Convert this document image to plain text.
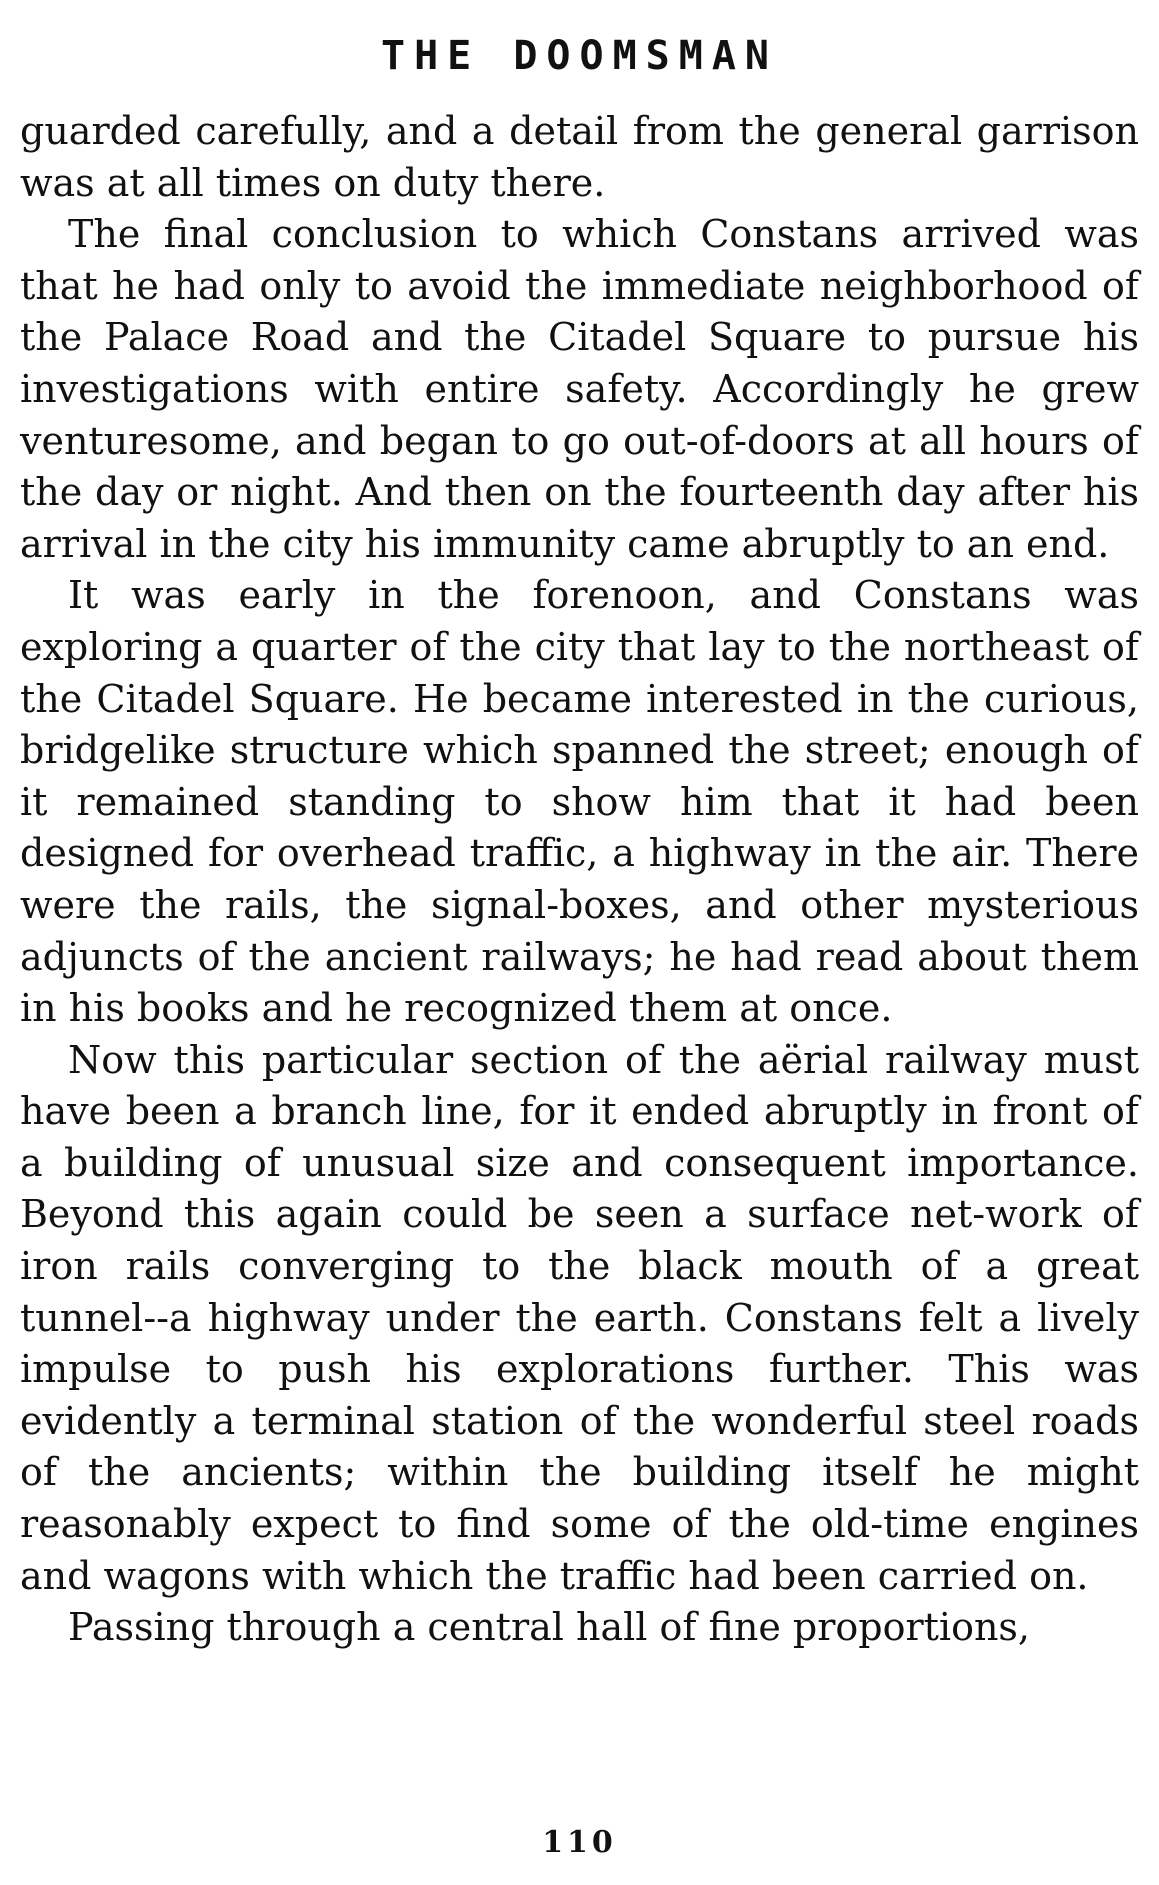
THE DOOMSMAN

guarded carefully, and a detail from the general garrison was at all times on duty there.

The final conclusion to which Constans arrived was that he had only to avoid the immediate neighborhood of the Palace Road and the Citadel Square to pursue his investigations with entire safety. Accordingly he grew venturesome, and began to go out-of-doors at all hours of the day or night. And then on the fourteenth day after his arrival in the city his immunity came abruptly to an end.

It was early in the forenoon, and Constans was exploring a quarter of the city that lay to the northeast of the Citadel Square. He became interested in the curious, bridgelike structure which spanned the street; enough of it remained standing to show him that it had been designed for overhead traffic, a highway in the air. There were the rails, the signal-boxes, and other mysterious adjuncts of the ancient railways; he had read about them in his books and he recognized them at once.

Now this particular section of the aërial railway must have been a branch line, for it ended abruptly in front of a building of unusual size and consequent importance. Beyond this again could be seen a surface net-work of iron rails converging to the black mouth of a great tunnel--a highway under the earth. Constans felt a lively impulse to push his explorations further. This was evidently a terminal station of the wonderful steel roads of the ancients; within the building itself he might reasonably expect to find some of the old-time engines and wagons with which the traffic had been carried on.

Passing through a central hall of fine proportions,

110
